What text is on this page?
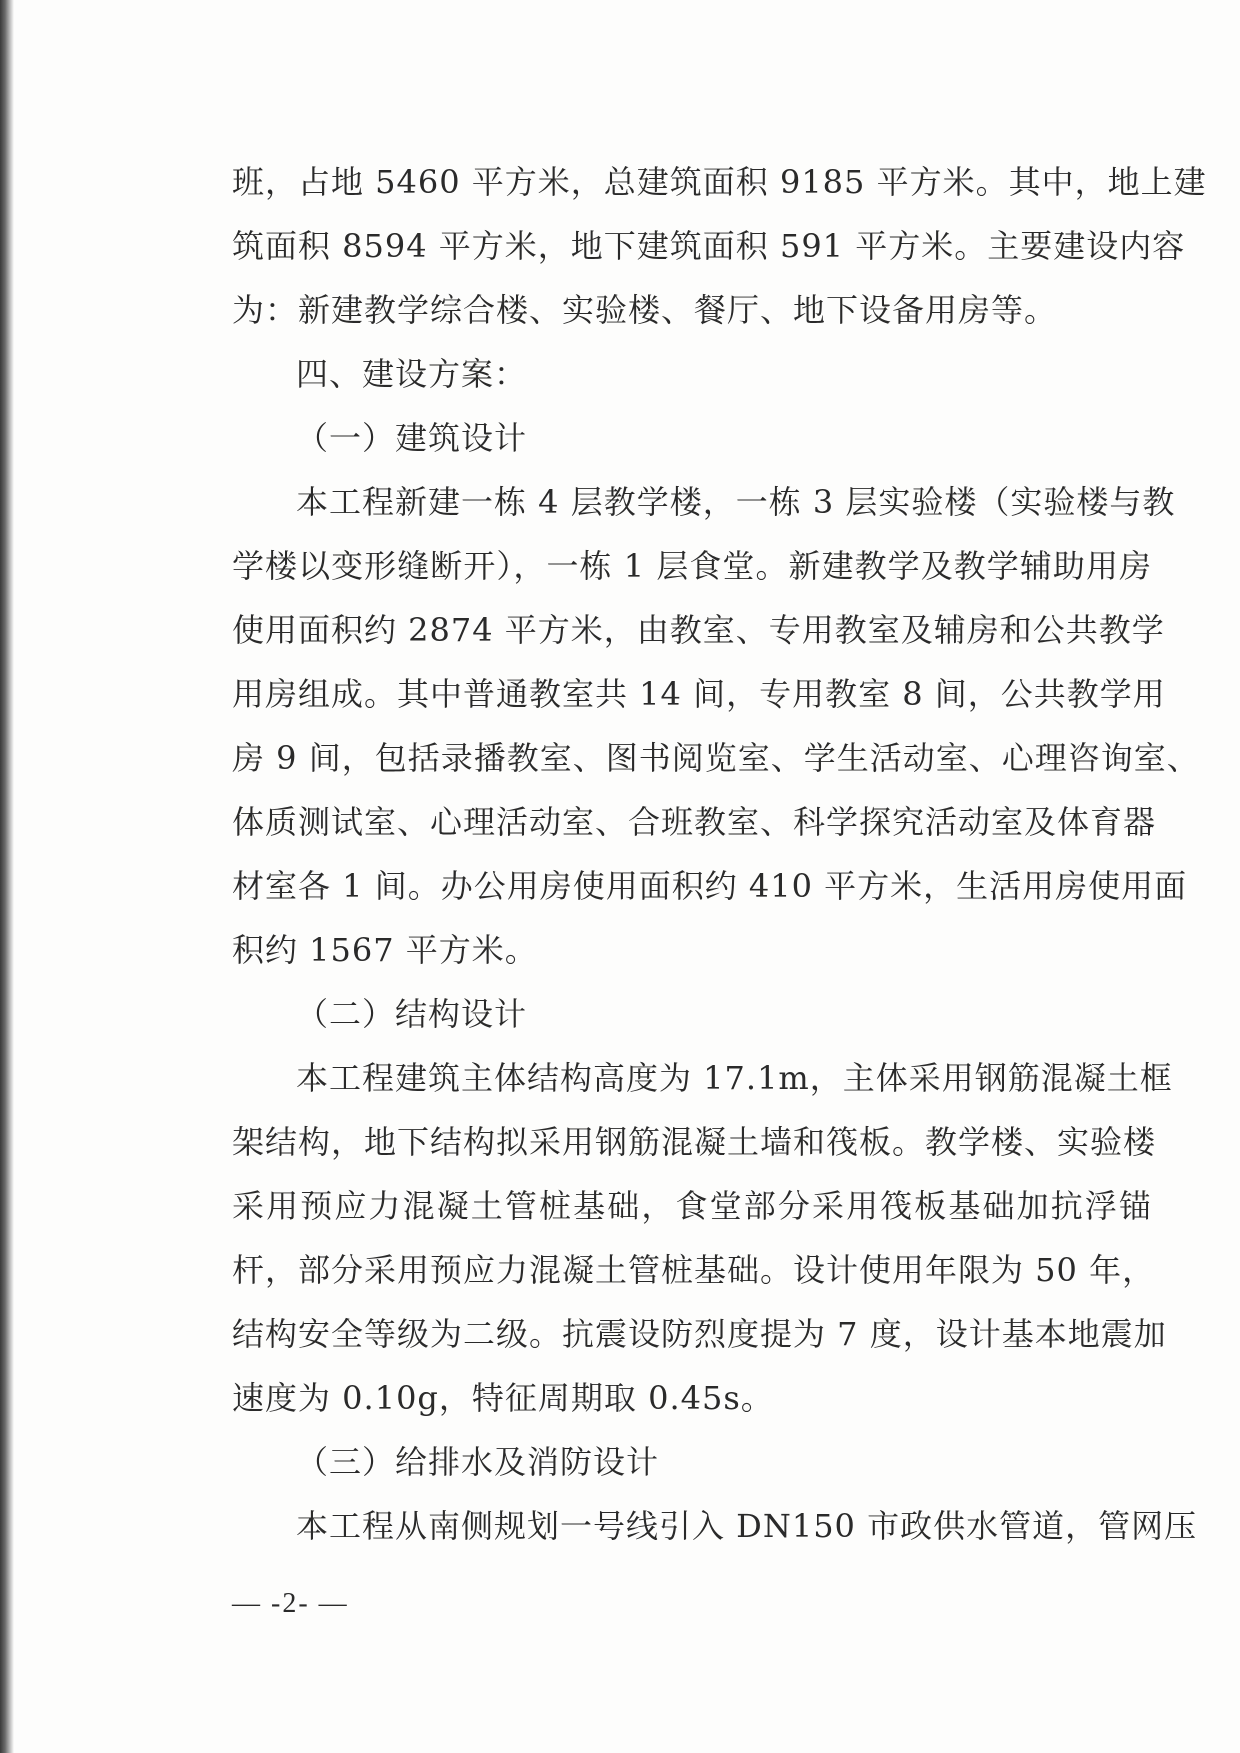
班，占地 5460 平方米，总建筑面积 9185 平方米。其中，地上建
筑面积 8594 平方米，地下建筑面积 591 平方米。主要建设内容
为：新建教学综合楼、实验楼、餐厅、地下设备用房等。
四、建设方案：
（一）建筑设计
本工程新建一栋 4 层教学楼，一栋 3 层实验楼（实验楼与教
学楼以变形缝断开），一栋 1 层食堂。新建教学及教学辅助用房
使用面积约 2874 平方米，由教室、专用教室及辅房和公共教学
用房组成。其中普通教室共 14 间，专用教室 8 间，公共教学用
房 9 间，包括录播教室、图书阅览室、学生活动室、心理咨询室、
体质测试室、心理活动室、合班教室、科学探究活动室及体育器
材室各 1 间。办公用房使用面积约 410 平方米，生活用房使用面
积约 1567 平方米。
（二）结构设计
本工程建筑主体结构高度为 17.1m，主体采用钢筋混凝土框
架结构，地下结构拟采用钢筋混凝土墙和筏板。教学楼、实验楼
采用预应力混凝土管桩基础，食堂部分采用筏板基础加抗浮锚
杆，部分采用预应力混凝土管桩基础。设计使用年限为 50 年，
结构安全等级为二级。抗震设防烈度提为 7 度，设计基本地震加
速度为 0.10g，特征周期取 0.45s。
（三）给排水及消防设计
本工程从南侧规划一号线引入 DN150 市政供水管道，管网压
— -2- —
